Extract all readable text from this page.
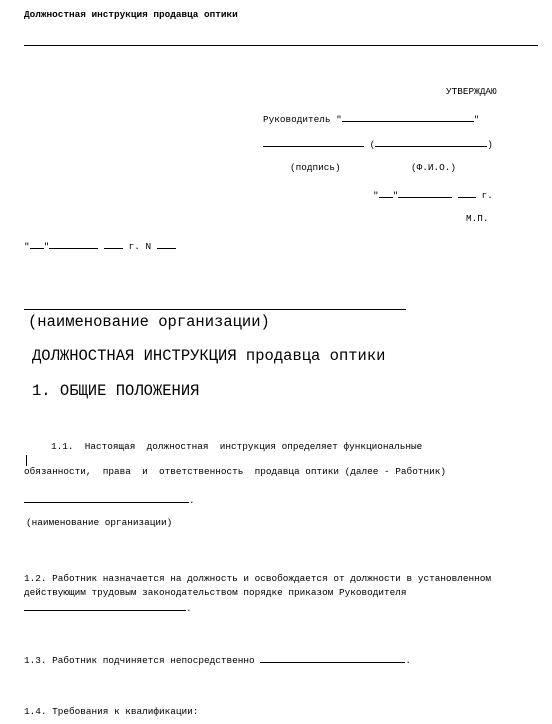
Должностная инструкция продавца оптики
УТВЕРЖДАЮ
Руководитель "	"
(	)
(подпись)	(Ф.И.О.)
" "	г.
М.П.
" "	г. N
(наименование организации)
ДОЛЖНОСТНАЯ ИНСТРУКЦИЯ продавца оптики
1. ОБЩИЕ ПОЛОЖЕНИЯ
1.1.  Настоящая  должностная  инструкция определяет функциональные
обязанности,  права  и  ответственность  продавца оптики (далее - Работник)
.
(наименование организации)
1.2. Работник назначается на должность и освобождается от должности в установленном
действующим трудовым законодательством порядке приказом Руководителя
.
1.3. Работник подчиняется непосредственно	.
1.4. Требования к квалификации:
